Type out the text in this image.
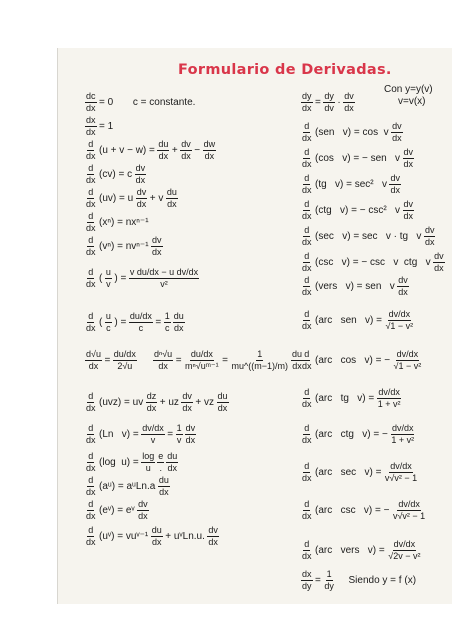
Formulario de Derivadas.
$\frac{dc}{dx} = 0$ c = constante.
$\frac{dx}{dx} = 1$
$\frac{d}{dx} (u + v - w) = \frac{du}{dx} + \frac{dv}{dx} - \frac{dw}{dx}$
$\frac{d}{dx} (cv) = c \frac{dv}{dx}$
$\frac{d}{dx} (uv) = u \frac{dv}{dx} + v \frac{du}{dx}$
$\frac{d}{dx} (x^n) = nx^{n-1}$
$\frac{d}{dx} (v^n) = nv^{n-1} \frac{dv}{dx}$
$\frac{d}{dx}$ ( $\frac{u}{v}$ ) = $\frac{\text{v du/dx − u dv/dx}}{\text{v²}}$
$\frac{d}{dx}$ ( $\frac{u}{c}$ ) = $\frac{du/dx}{c} = \frac{1}{c} \frac{du}{dx}$
$\frac{d√u}{dx} = \frac{du/dx}{2√u}$
$\frac{\text{dⁿ√u}}{dx} = \frac{du/dx}{\text{mⁿ√uᵐ⁻¹}} = \frac{1}{mu\^{}((m-1)/m)} \frac{du}{dx}$
$\frac{d}{dx} (uvz)$ = uv $\frac{dz}{dx}$ + uz $\frac{dv}{dx}$ + vz $\frac{du}{dx}$
$\frac{d}{dx} (Ln$   $v) = \frac{dv/dx}{v} = \frac{1}{v} \frac{dv}{dx}$
$\frac{d}{dx} (\log$  $u) = \frac{\log}{u}$ e
. $\frac{du}{dx}$
$\frac{d}{dx}$ (aᵘ) = aᵘLn.a $\frac{du}{dx}$
$\frac{d}{dx}$ (eᵛ) = eᵛ $\frac{dv}{dx}$
$\frac{d}{dx}$ (uᵛ) = vuᵛ⁻¹ $\frac{du}{dx}$ + uᵛLn.u. $\frac{dv}{dx}$
$\frac{dy}{dx} = \frac{dy}{dv} \cdot \frac{dv}{dx}$
$\frac{d}{dx} (sen$   v) = cos  v $\frac{dv}{dx}$
$\frac{d}{dx} (\cos$   v) = − sen   v $\frac{dv}{dx}$
$\frac{d}{dx} (tg$   v) = sec²   v $\frac{dv}{dx}$
$\frac{d}{dx} (ctg$   v) = − csc²   v $\frac{dv}{dx}$
$\frac{d}{dx} (\sec$   v) = sec   v · tg   v $\frac{dv}{dx}$
$\frac{d}{dx} (\csc$   v) = − csc   v  ctg   v $\frac{dv}{dx}$
$\frac{d}{dx}$ (vers   v) = sen   v $\frac{dv}{dx}$
$\frac{d}{dx} (arc$   sen   $v) = \frac{dv/dx}{\text{√1 − v²}}$
$\frac{d}{dx} (arc$   cos   v) = − $\frac{dv/dx}{\text{√1 − v²}}$
$\frac{d}{dx} (arc$   tg   $v) = \frac{dv/dx}{\text{1 + v²}}$
$\frac{d}{dx} (arc$   ctg   v) = − $\frac{dv/dx}{\text{1 + v²}}$
$\frac{d}{dx} (arc$   $\sec v) = \frac{dv/dx}{\text{v√v² − 1}}$
$\frac{d}{dx} (arc$   csc   v) = − $\frac{dv/dx}{\text{v√v² − 1}}$
$\frac{d}{dx} (arc$   vers   $v) = \frac{dv/dx}{\text{√2v − v²}}$
$\frac{dx}{dy} = \frac{1}{dy}$ Siendo y = f (x)
Con y=y(v)
v=v(x)
